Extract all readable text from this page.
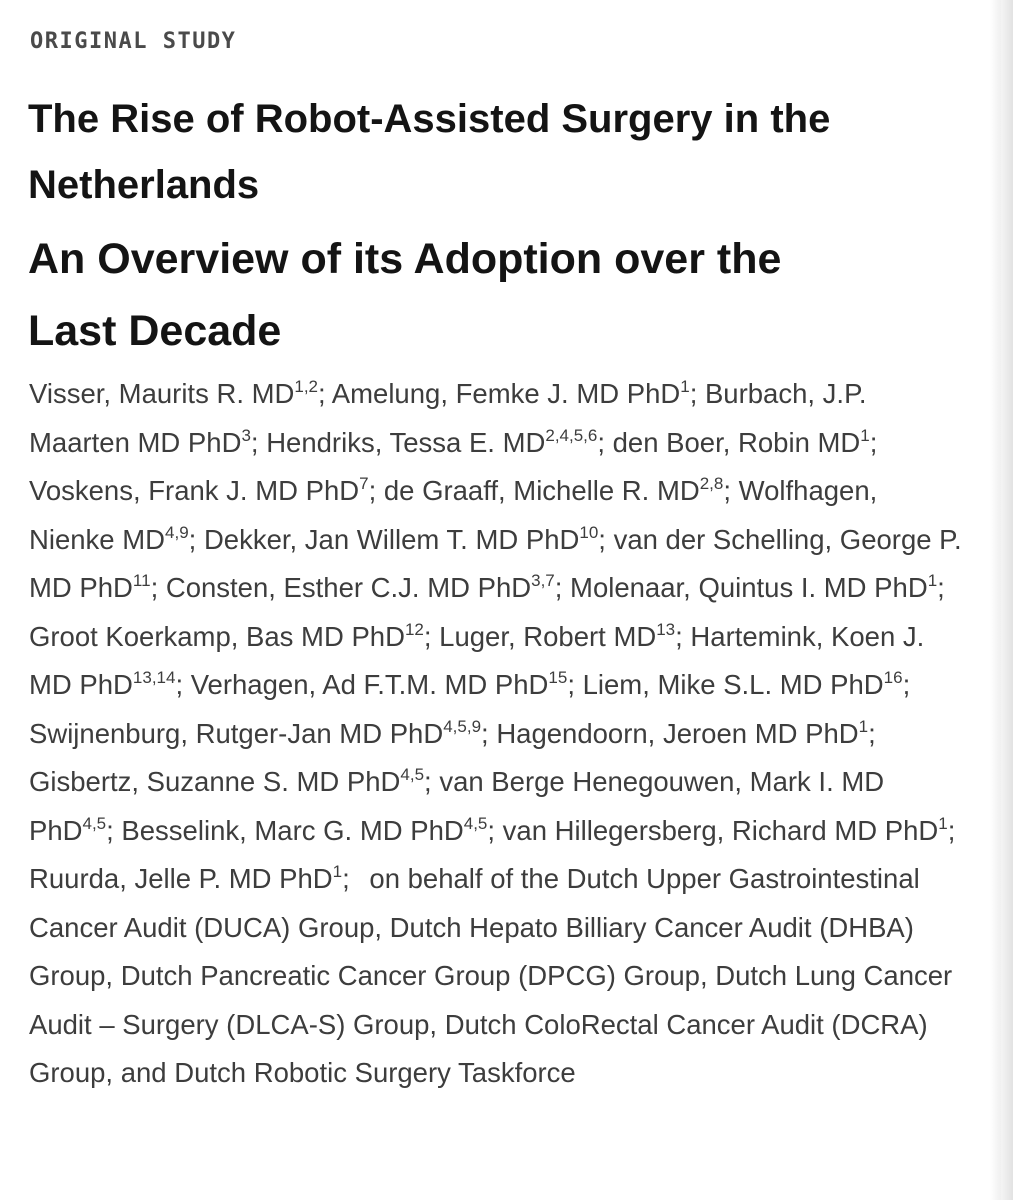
ORIGINAL STUDY
The Rise of Robot-Assisted Surgery in the
Netherlands
An Overview of its Adoption over the
Last Decade

Visser, Maurits R. MD$^{1,2}$; Amelung, Femke J. MD PhD$^1$; Burbach, J.P. Maarten MD PhD$^3$; Hendriks, Tessa E. MD$^{2,4,5,6}$; den Boer, Robin $MD^1$; Voskens, Frank J. MD PhD$^7$; de Graaff, Michelle R. MD$^{2,8}$; Wolfhagen, Nienke MD$^{4,9}$; Dekker, Jan Willem T. MD PhD$^{10}$; van der Schelling, George P. MD PhD$^{11}$; Consten, Esther C.J. MD PhD$^{3,7}$; Molenaar, Quintus I. MD PhD$^1$; Groot Koerkamp, Bas MD PhD$^{12}$; Luger, Robert MD$^{13}$; Hartemink, Koen J. MD PhD$^{13,14}$; Verhagen, Ad F.T.M. MD PhD$^{15}$; Liem, Mike S.L. MD PhD$^{16}$; Swijnenburg, Rutger-Jan MD PhD$^{4,5,9}$; Hagendoorn, Jeroen MD PhD$^1$; Gisbertz, Suzanne S. MD PhD$^{4,5}$; van Berge Henegouwen, Mark I. MD PhD$^{4,5}$; Besselink, Marc G. MD PhD$^{4,5}$; van Hillegersberg, Richard MD PhD$^1$; Ruurda, Jelle P. MD PhD$^1$; on behalf of the Dutch Upper Gastrointestinal Cancer Audit (DUCA) Group, Dutch Hepato Billiary Cancer Audit (DHBA) Group, Dutch Pancreatic Cancer Group (DPCG) Group, Dutch Lung Cancer Audit – Surgery (DLCA-S) Group, Dutch ColoRectal Cancer Audit (DCRA) Group, and Dutch Robotic Surgery Taskforce
